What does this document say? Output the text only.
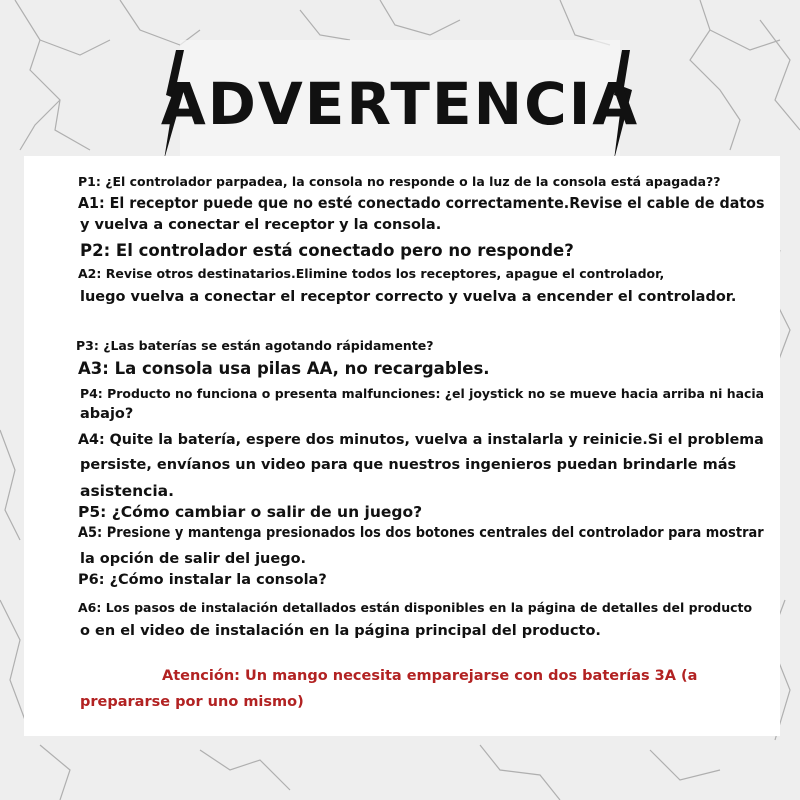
ADVERTENCIA
P1: ¿El controlador parpadea, la consola no responde o la luz de la consola está apagada??
A1: El receptor puede que no esté conectado correctamente.Revise el cable de datos
y vuelva a conectar el receptor y la consola.
P2: El controlador está conectado pero no responde?
A2: Revise otros destinatarios.Elimine todos los receptores, apague el controlador,
luego vuelva a conectar el receptor correcto y vuelva a encender el controlador.
P3: ¿Las baterías se están agotando rápidamente?
A3: La consola usa pilas AA, no recargables.
P4: Producto no funciona o presenta malfunciones: ¿el joystick no se mueve hacia arriba ni hacia
abajo?
A4: Quite la batería, espere dos minutos, vuelva a instalarla y reinicie.Si el problema
persiste, envíanos un video para que nuestros ingenieros puedan brindarle más
asistencia.
P5: ¿Cómo cambiar o salir de un juego?
A5: Presione y mantenga presionados los dos botones centrales del controlador para mostrar
la opción de salir del juego.
P6: ¿Cómo instalar la consola?
A6: Los pasos de instalación detallados están disponibles en la página de detalles del producto
o en el video de instalación en la página principal del producto.
Atención: Un mango necesita emparejarse con dos baterías 3A (a
prepararse por uno mismo)
